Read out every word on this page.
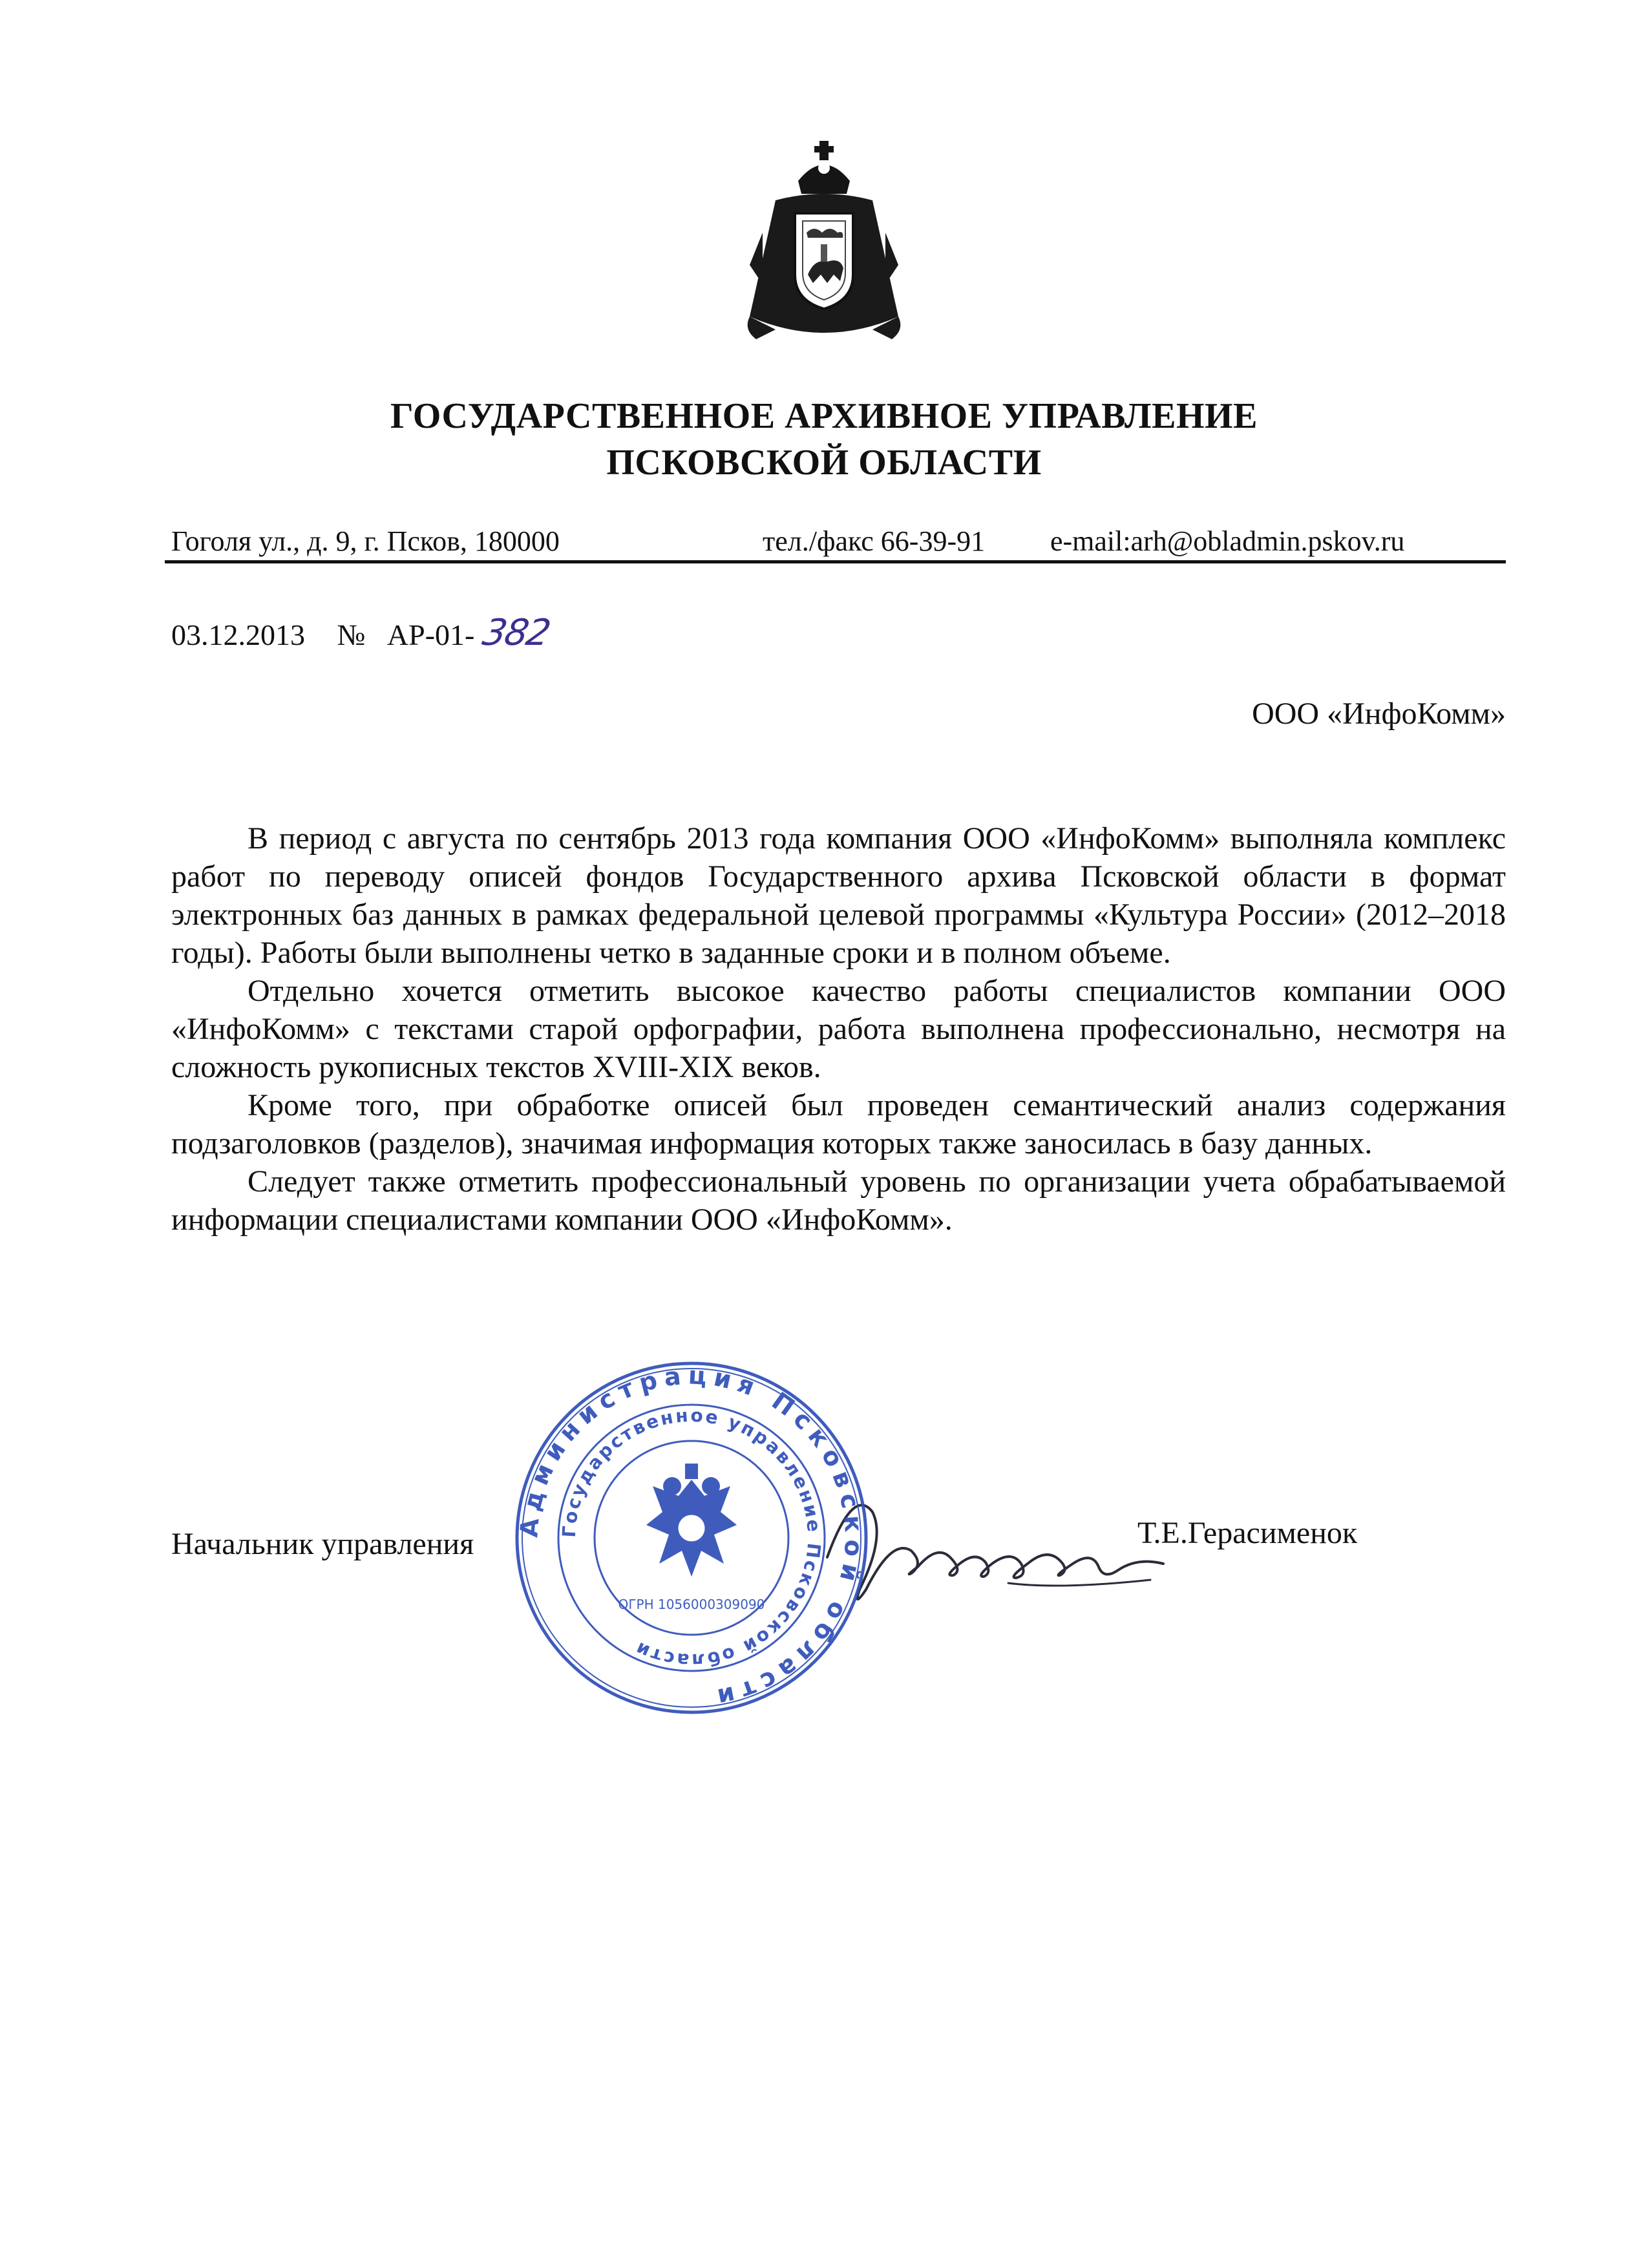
ГОСУДАРСТВЕННОЕ АРХИВНОЕ УПРАВЛЕНИЕ
ПСКОВСКОЙ ОБЛАСТИ
Гоголя ул., д. 9, г. Псков, 180000	тел./факс 66-39-91 e-mail:arh@obladmin.pskov.ru
03.12.2013 № АР-01- 382
ООО «ИнфоКомм»

В период с августа по сентябрь 2013 года компания ООО «ИнфоКомм» выполняла комплекс работ по переводу описей фондов Государственного архива Псковской области в формат электронных баз данных в рамках федеральной целевой программы «Культура России» (2012–2018 годы). Работы были выполнены четко в заданные сроки и в полном объеме.

Отдельно хочется отметить высокое качество работы специалистов компании ООО «ИнфоКомм» с текстами старой орфографии, работа выполнена профессионально, несмотря на сложность рукописных текстов XVIII-XIX веков.

Кроме того, при обработке описей был проведен семантический анализ содержания подзаголовков (разделов), значимая информация которых также заносилась в базу данных.

Следует также отметить профессиональный уровень по организации учета обрабатываемой информации специалистами компании ООО «ИнфоКомм».

Начальник управления	Т.Е.Герасименок
Администрация Псковской области
Государственное управление Псковской области
ОГРН 1056000309090
